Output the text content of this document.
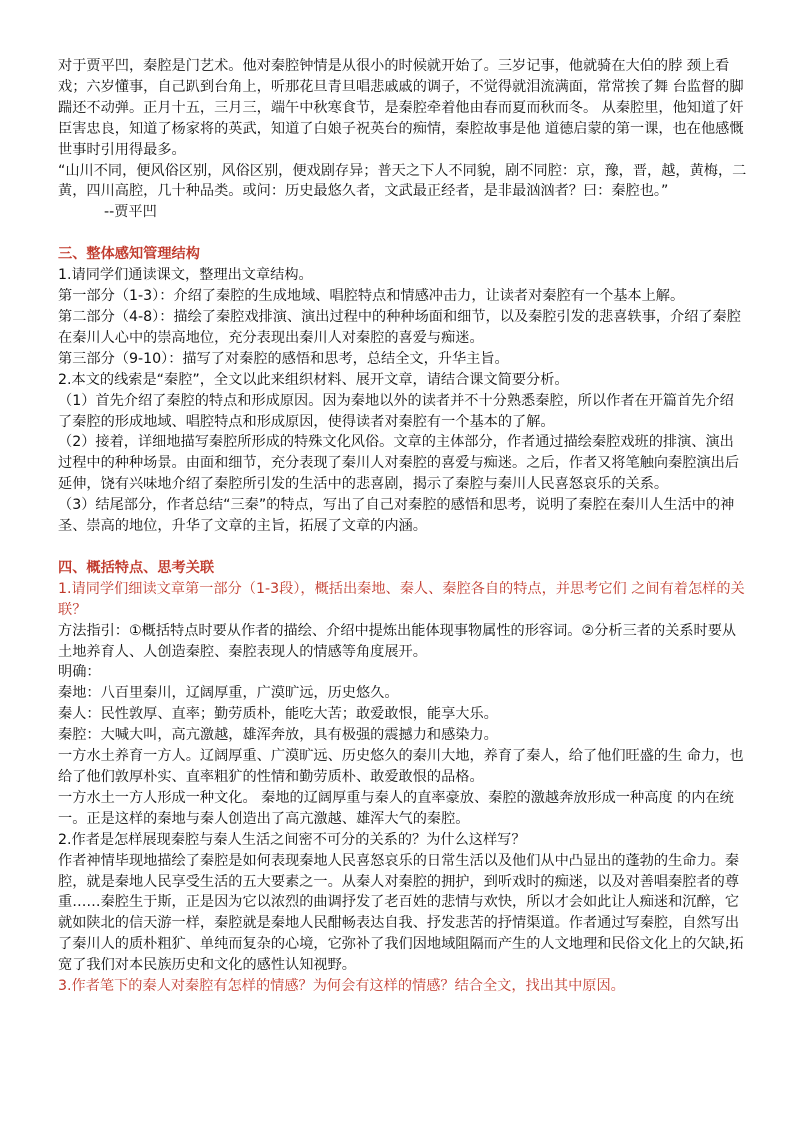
对于贾平凹，秦腔是门艺术。他对秦腔钟情是从很小的时候就开始了。三岁记事，他就骑在大伯的脖 颈上看戏；六岁懂事，自己趴到台角上，听那花旦青旦唱悲戚戚的调子，不觉得就泪流满面，常常挨了舞 台监督的脚踹还不动弹。正月十五，三月三，端午中秋寒食节，是秦腔牵着他由春而夏而秋而冬。 从秦腔里，他知道了奸臣害忠良，知道了杨家将的英武，知道了白娘子祝英台的痴情，秦腔故事是他 道德启蒙的第一课，也在他感慨世事时引用得最多。

“山川不同，便风俗区别，风俗区别，便戏剧存异；普天之下人不同貌，剧不同腔：京，豫，晋，越，黄梅，二黄，四川高腔，几十种品类。或问：历史最悠久者，文武最正经者，是非最汹汹者？曰：秦腔也。”--贾平凹

三、整体感知管理结构

1.请同学们通读课文，整理出文章结构。

第一部分（1-3）：介绍了秦腔的生成地域、唱腔特点和情感冲击力，让读者对秦腔有一个基本上解。

第二部分（4-8）：描绘了秦腔戏排演、演出过程中的种种场面和细节，以及秦腔引发的悲喜轶事，介绍了秦腔在秦川人心中的崇高地位，充分表现出秦川人对秦腔的喜爱与痴迷。

第三部分（9-10）：描写了对秦腔的感悟和思考，总结全文，升华主旨。

2.本文的线索是“秦腔”，全文以此来组织材料、展开文章，请结合课文简要分析。

（1）首先介绍了秦腔的特点和形成原因。因为秦地以外的读者并不十分熟悉秦腔，所以作者在开篇首先介绍了秦腔的形成地域、唱腔特点和形成原因，使得读者对秦腔有一个基本的了解。

（2）接着，详细地描写秦腔所形成的特殊文化风俗。文章的主体部分，作者通过描绘秦腔戏班的排演、演出过程中的种种场景。由面和细节，充分表现了秦川人对秦腔的喜爱与痴迷。之后，作者又将笔触向秦腔演出后延伸，饶有兴味地介绍了秦腔所引发的生活中的悲喜剧，揭示了秦腔与秦川人民喜怒哀乐的关系。

（3）结尾部分，作者总结“三秦”的特点，写出了自己对秦腔的感悟和思考，说明了秦腔在秦川人生活中的神圣、崇高的地位，升华了文章的主旨，拓展了文章的内涵。

四、概括特点、思考关联

1.请同学们细读文章第一部分（1-3段），概括出秦地、秦人、秦腔各自的特点，并思考它们 之间有着怎样的关联？

方法指引：①概括特点时要从作者的描绘、介绍中提炼出能体现事物属性的形容词。②分析三者的关系时要从土地养育人、人创造秦腔、秦腔表现人的情感等角度展开。

明确：

秦地：八百里秦川，辽阔厚重，广漠旷远，历史悠久。

秦人：民性敦厚、直率；勤劳质朴，能吃大苦；敢爱敢恨，能享大乐。

秦腔：大喊大叫，高亢激越，雄浑奔放，具有极强的震撼力和感染力。

一方水土养育一方人。辽阔厚重、广漠旷远、历史悠久的秦川大地，养育了秦人，给了他们旺盛的生 命力，也给了他们敦厚朴实、直率粗犷的性情和勤劳质朴、敢爱敢恨的品格。

一方水土一方人形成一种文化。 秦地的辽阔厚重与秦人的直率豪放、秦腔的激越奔放形成一种高度 的内在统一。正是这样的秦地与秦人创造出了高亢激越、雄浑大气的秦腔。

2.作者是怎样展现秦腔与秦人生活之间密不可分的关系的？为什么这样写？

作者神情毕现地描绘了秦腔是如何表现秦地人民喜怒哀乐的日常生活以及他们从中凸显出的蓬勃的生命力。秦腔，就是秦地人民享受生活的五大要素之一。从秦人对秦腔的拥护，到听戏时的痴迷，以及对善唱秦腔者的尊重……秦腔生于斯，正是因为它以浓烈的曲调抒发了老百姓的悲情与欢快，所以才会如此让人痴迷和沉醉，它就如陕北的信天游一样，秦腔就是秦地人民酣畅表达自我、抒发悲苦的抒情渠道。作者通过写秦腔，自然写出了秦川人的质朴粗犷、单纯而复杂的心境，它弥补了我们因地域阻隔而产生的人文地理和民俗文化上的欠缺,拓宽了我们对本民族历史和文化的感性认知视野。

3.作者笔下的秦人对秦腔有怎样的情感？为何会有这样的情感？结合全文，找出其中原因。
